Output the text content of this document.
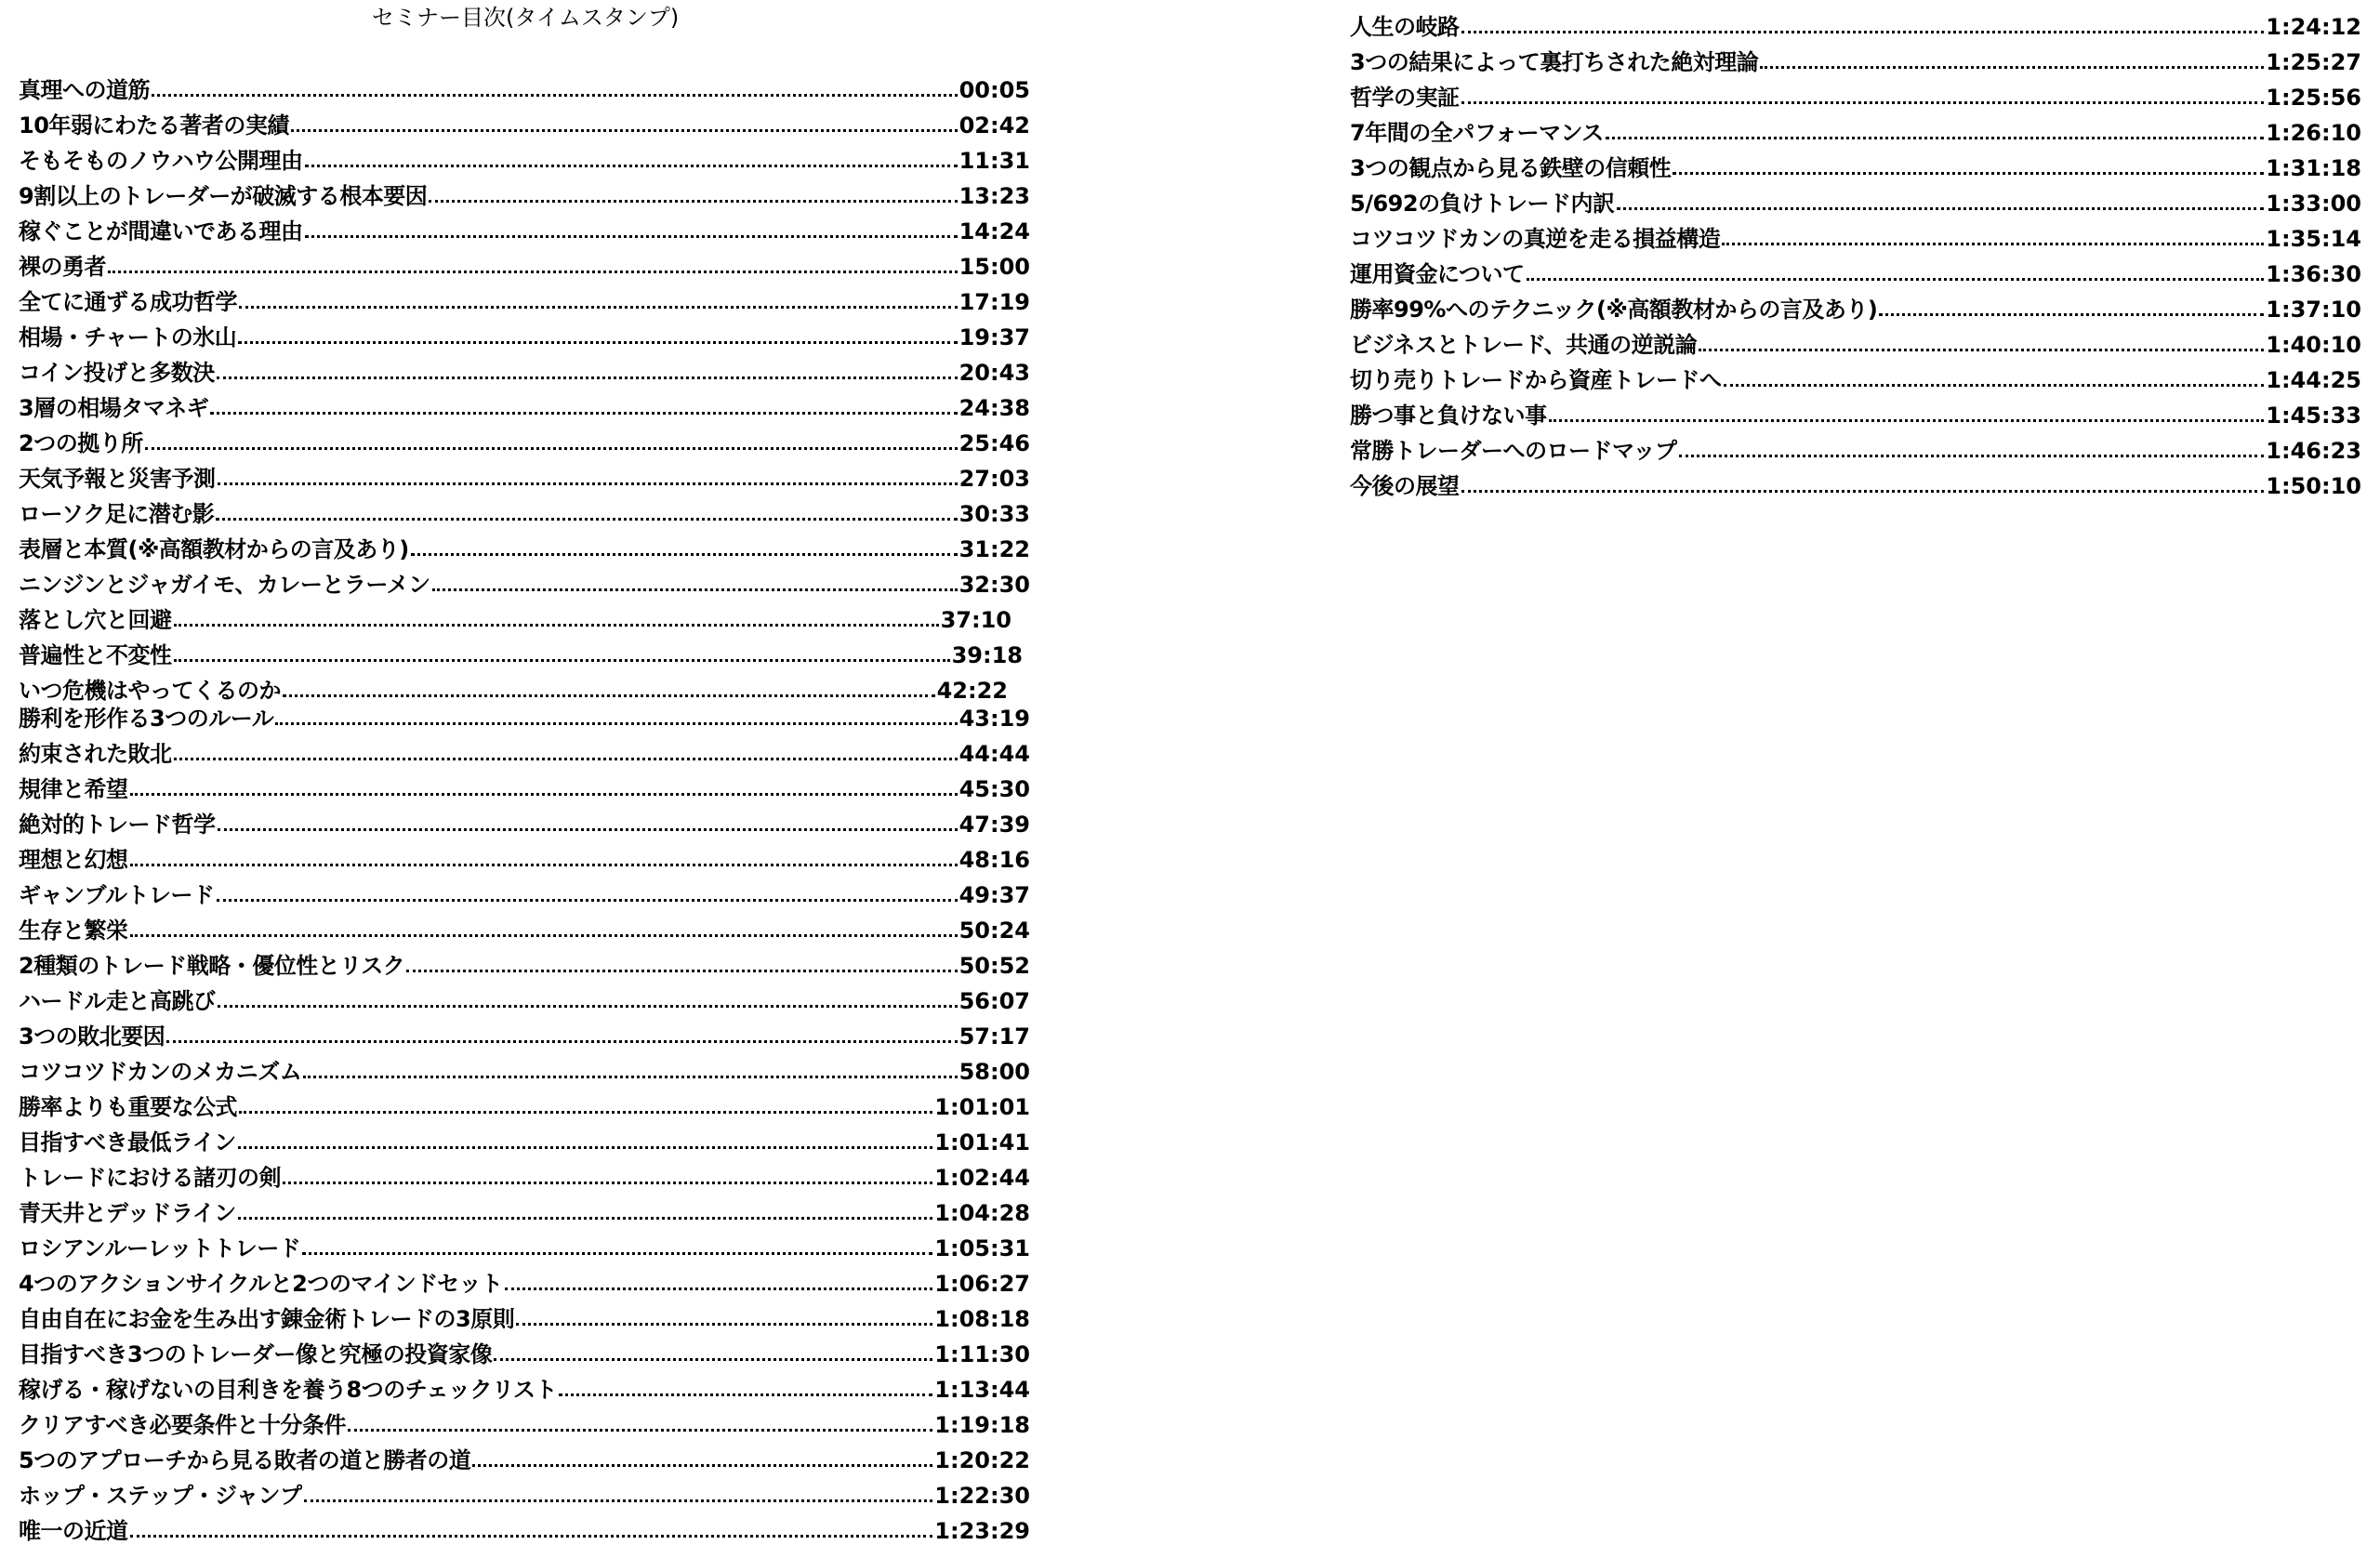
セミナー目次(タイムスタンプ)
真理への道筋	00:05
10年弱にわたる著者の実績	02:42
そもそものノウハウ公開理由	11:31
9割以上のトレーダーが破滅する根本要因	13:23
稼ぐことが間違いである理由	14:24
裸の勇者	15:00
全てに通ずる成功哲学	17:19
相場・チャートの氷山	19:37
コイン投げと多数決	20:43
3層の相場タマネギ	24:38
2つの拠り所	25:46
天気予報と災害予測	27:03
ローソク足に潜む影	30:33
表層と本質(※高額教材からの言及あり)	31:22
ニンジンとジャガイモ、カレーとラーメン	32:30
落とし穴と回避	37:10
普遍性と不変性	39:18
いつ危機はやってくるのか	42:22
勝利を形作る3つのルール	43:19
約束された敗北	44:44
規律と希望	45:30
絶対的トレード哲学	47:39
理想と幻想	48:16
ギャンブルトレード	49:37
生存と繁栄	50:24
2種類のトレード戦略・優位性とリスク	50:52
ハードル走と高跳び	56:07
3つの敗北要因	57:17
コツコツドカンのメカニズム	58:00
勝率よりも重要な公式	1:01:01
目指すべき最低ライン	1:01:41
トレードにおける諸刃の剣	1:02:44
青天井とデッドライン	1:04:28
ロシアンルーレットトレード	1:05:31
4つのアクションサイクルと2つのマインドセット	1:06:27
自由自在にお金を生み出す錬金術トレードの3原則	1:08:18
目指すべき3つのトレーダー像と究極の投資家像	1:11:30
稼げる・稼げないの目利きを養う8つのチェックリスト	1:13:44
クリアすべき必要条件と十分条件	1:19:18
5つのアプローチから見る敗者の道と勝者の道	1:20:22
ホップ・ステップ・ジャンプ	1:22:30
唯一の近道	1:23:29
人生の岐路	1:24:12
3つの結果によって裏打ちされた絶対理論	1:25:27
哲学の実証	1:25:56
7年間の全パフォーマンス	1:26:10
3つの観点から見る鉄壁の信頼性	1:31:18
5/692の負けトレード内訳	1:33:00
コツコツドカンの真逆を走る損益構造	1:35:14
運用資金について	1:36:30
勝率99%へのテクニック(※高額教材からの言及あり)	1:37:10
ビジネスとトレード、共通の逆説論	1:40:10
切り売りトレードから資産トレードへ	1:44:25
勝つ事と負けない事	1:45:33
常勝トレーダーへのロードマップ	1:46:23
今後の展望	1:50:10
